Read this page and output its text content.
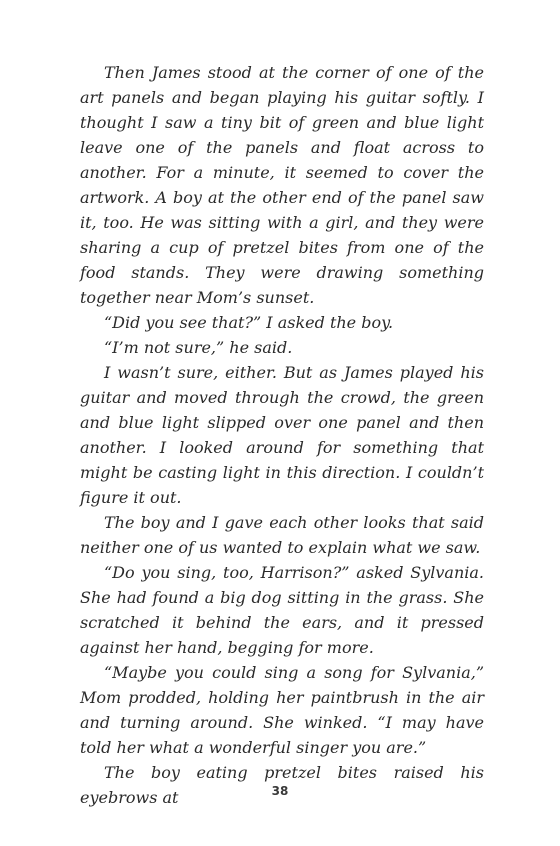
Then James stood at the corner of one of the art panels and began playing his guitar softly. I thought I saw a tiny bit of green and blue light leave one of the panels and float across to another. For a minute, it seemed to cover the artwork. A boy at the other end of the panel saw it, too. He was sitting with a girl, and they were sharing a cup of pretzel bites from one of the food stands. They were drawing something together near Mom’s sunset.

“Did you see that?” I asked the boy.

“I’m not sure,” he said.

I wasn’t sure, either. But as James played his guitar and moved through the crowd, the green and blue light slipped over one panel and then another. I looked around for something that might be casting light in this direction. I couldn’t figure it out.

The boy and I gave each other looks that said neither one of us wanted to explain what we saw.

“Do you sing, too, Harrison?” asked Sylvania. She had found a big dog sitting in the grass. She scratched it behind the ears, and it pressed against her hand, begging for more.

“Maybe you could sing a song for Sylvania,” Mom prodded, holding her paintbrush in the air and turning around. She winked. “I may have told her what a wonderful singer you are.”

The boy eating pretzel bites raised his eyebrows at	38
